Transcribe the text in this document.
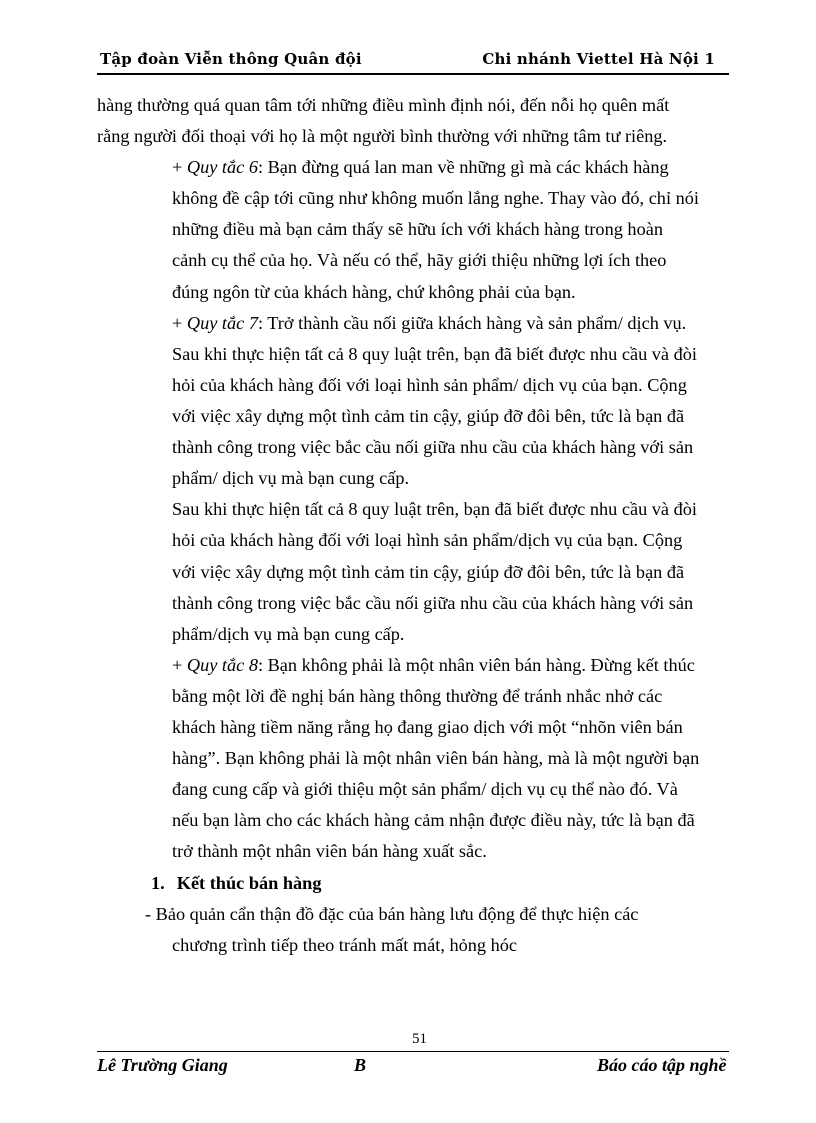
Tập đoàn Viễn thông Quân đội	Chi nhánh Viettel Hà Nội 1
hàng thường quá quan tâm tới những điều mình định nói, đến nỗi họ quên mất
rằng người đối thoại với họ là một người bình thường với những tâm tư riêng.
+ Quy tắc 6: Bạn đừng quá lan man về những gì mà các khách hàng
không đề cập tới cũng như không muốn lắng nghe. Thay vào đó, chỉ nói
những điều mà bạn cảm thấy sẽ hữu ích với khách hàng trong hoàn
cảnh cụ thể của họ. Và nếu có thể, hãy giới thiệu những lợi ích theo
đúng ngôn từ của khách hàng, chứ không phải của bạn.
+ Quy tắc 7: Trở thành cầu nối giữa khách hàng và sản phẩm/ dịch vụ.
Sau khi thực hiện tất cả 8 quy luật trên, bạn đã biết được nhu cầu và đòi
hỏi của khách hàng đối với loại hình sản phẩm/ dịch vụ của bạn. Cộng
với việc xây dựng một tình cảm tin cậy, giúp đỡ đôi bên, tức là bạn đã
thành công trong việc bắc cầu nối giữa nhu cầu của khách hàng với sản
phẩm/ dịch vụ mà bạn cung cấp.
Sau khi thực hiện tất cả 8 quy luật trên, bạn đã biết được nhu cầu và đòi
hỏi của khách hàng đối với loại hình sản phẩm/dịch vụ của bạn. Cộng
với việc xây dựng một tình cảm tin cậy, giúp đỡ đôi bên, tức là bạn đã
thành công trong việc bắc cầu nối giữa nhu cầu của khách hàng với sản
phẩm/dịch vụ mà bạn cung cấp.
+ Quy tắc 8: Bạn không phải là một nhân viên bán hàng. Đừng kết thúc
bằng một lời đề nghị bán hàng thông thường để tránh nhắc nhở các
khách hàng tiềm năng rằng họ đang giao dịch với một “nhõn viên bán
hàng”. Bạn không phải là một nhân viên bán hàng, mà là một người bạn
đang cung cấp và giới thiệu một sản phẩm/ dịch vụ cụ thể nào đó. Và
nếu bạn làm cho các khách hàng cảm nhận được điều này, tức là bạn đã
trở thành một nhân viên bán hàng xuất sắc.
1. Kết thúc bán hàng
- Bảo quản cẩn thận đồ đặc của bán hàng lưu động để thực hiện các
chương trình tiếp theo tránh mất mát, hỏng hóc
51
Lê Trường Giang	B	Báo cáo tập nghề
